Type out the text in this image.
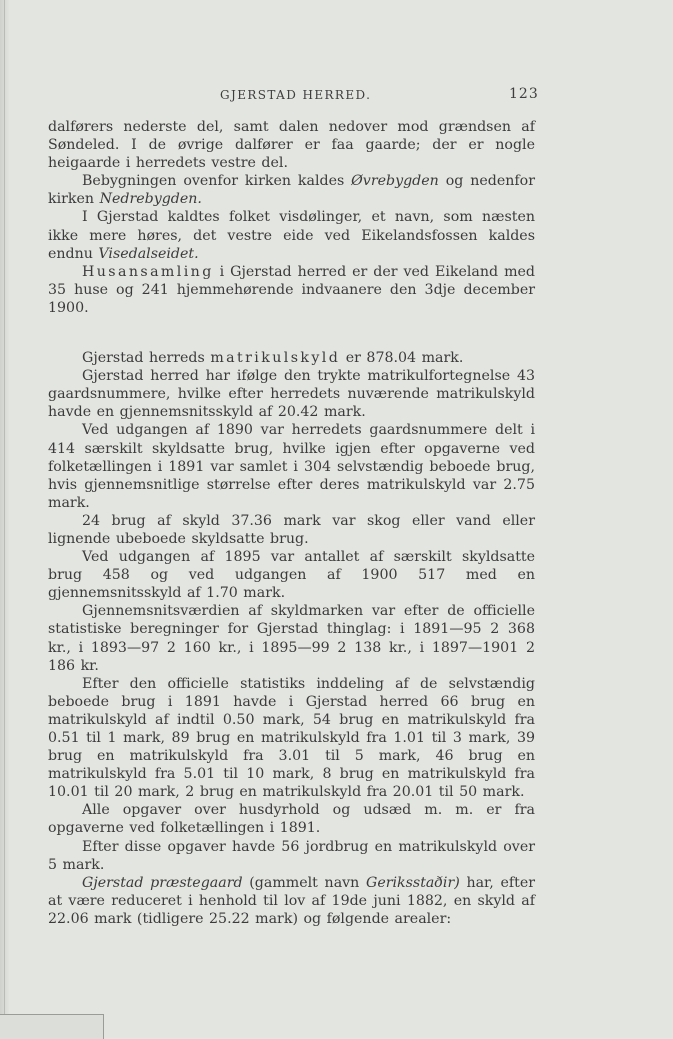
GJERSTAD HERRED.	123

dalførers nederste del, samt dalen nedover mod grændsen af Søndeled. I de øvrige dalfører er faa gaarde; der er nogle heigaarde i herredets vestre del.

Bebygningen ovenfor kirken kaldes Øvrebygden og nedenfor kirken Nedrebygden.

I Gjerstad kaldtes folket visdølinger, et navn, som næsten ikke mere høres, det vestre eide ved Eikelandsfossen kaldes endnu Visedalseidet.

Husansamling i Gjerstad herred er der ved Eikeland med 35 huse og 241 hjemmehørende indvaanere den 3dje december 1900.

Gjerstad herreds matrikulskyld er 878.04 mark.

Gjerstad herred har ifølge den trykte matrikulfortegnelse 43 gaardsnummere, hvilke efter herredets nuværende matrikulskyld havde en gjennemsnitsskyld af 20.42 mark.

Ved udgangen af 1890 var herredets gaardsnummere delt i 414 særskilt skyldsatte brug, hvilke igjen efter opgaverne ved folketællingen i 1891 var samlet i 304 selvstændig beboede brug, hvis gjennemsnitlige størrelse efter deres matrikulskyld var 2.75 mark.

24 brug af skyld 37.36 mark var skog eller vand eller lignende ubeboede skyldsatte brug.

Ved udgangen af 1895 var antallet af særskilt skyldsatte brug 458 og ved udgangen af 1900 517 med en gjennemsnitsskyld af 1.70 mark.

Gjennemsnitsværdien af skyldmarken var efter de officielle statistiske beregninger for Gjerstad thinglag: i 1891—95 2 368 kr., i 1893—97 2 160 kr., i 1895—99 2 138 kr., i 1897—1901 2 186 kr.

Efter den officielle statistiks inddeling af de selvstændig beboede brug i 1891 havde i Gjerstad herred 66 brug en matrikulskyld af indtil 0.50 mark, 54 brug en matrikulskyld fra 0.51 til 1 mark, 89 brug en matrikulskyld fra 1.01 til 3 mark, 39 brug en matrikulskyld fra 3.01 til 5 mark, 46 brug en matrikulskyld fra 5.01 til 10 mark, 8 brug en matrikulskyld fra 10.01 til 20 mark, 2 brug en matrikulskyld fra 20.01 til 50 mark.

Alle opgaver over husdyrhold og udsæd m. m. er fra opgaverne ved folketællingen i 1891.

Efter disse opgaver havde 56 jordbrug en matrikulskyld over 5 mark.

Gjerstad præstegaard (gammelt navn Geriksstaðir) har, efter at være reduceret i henhold til lov af 19de juni 1882, en skyld af 22.06 mark (tidligere 25.22 mark) og følgende arealer:
